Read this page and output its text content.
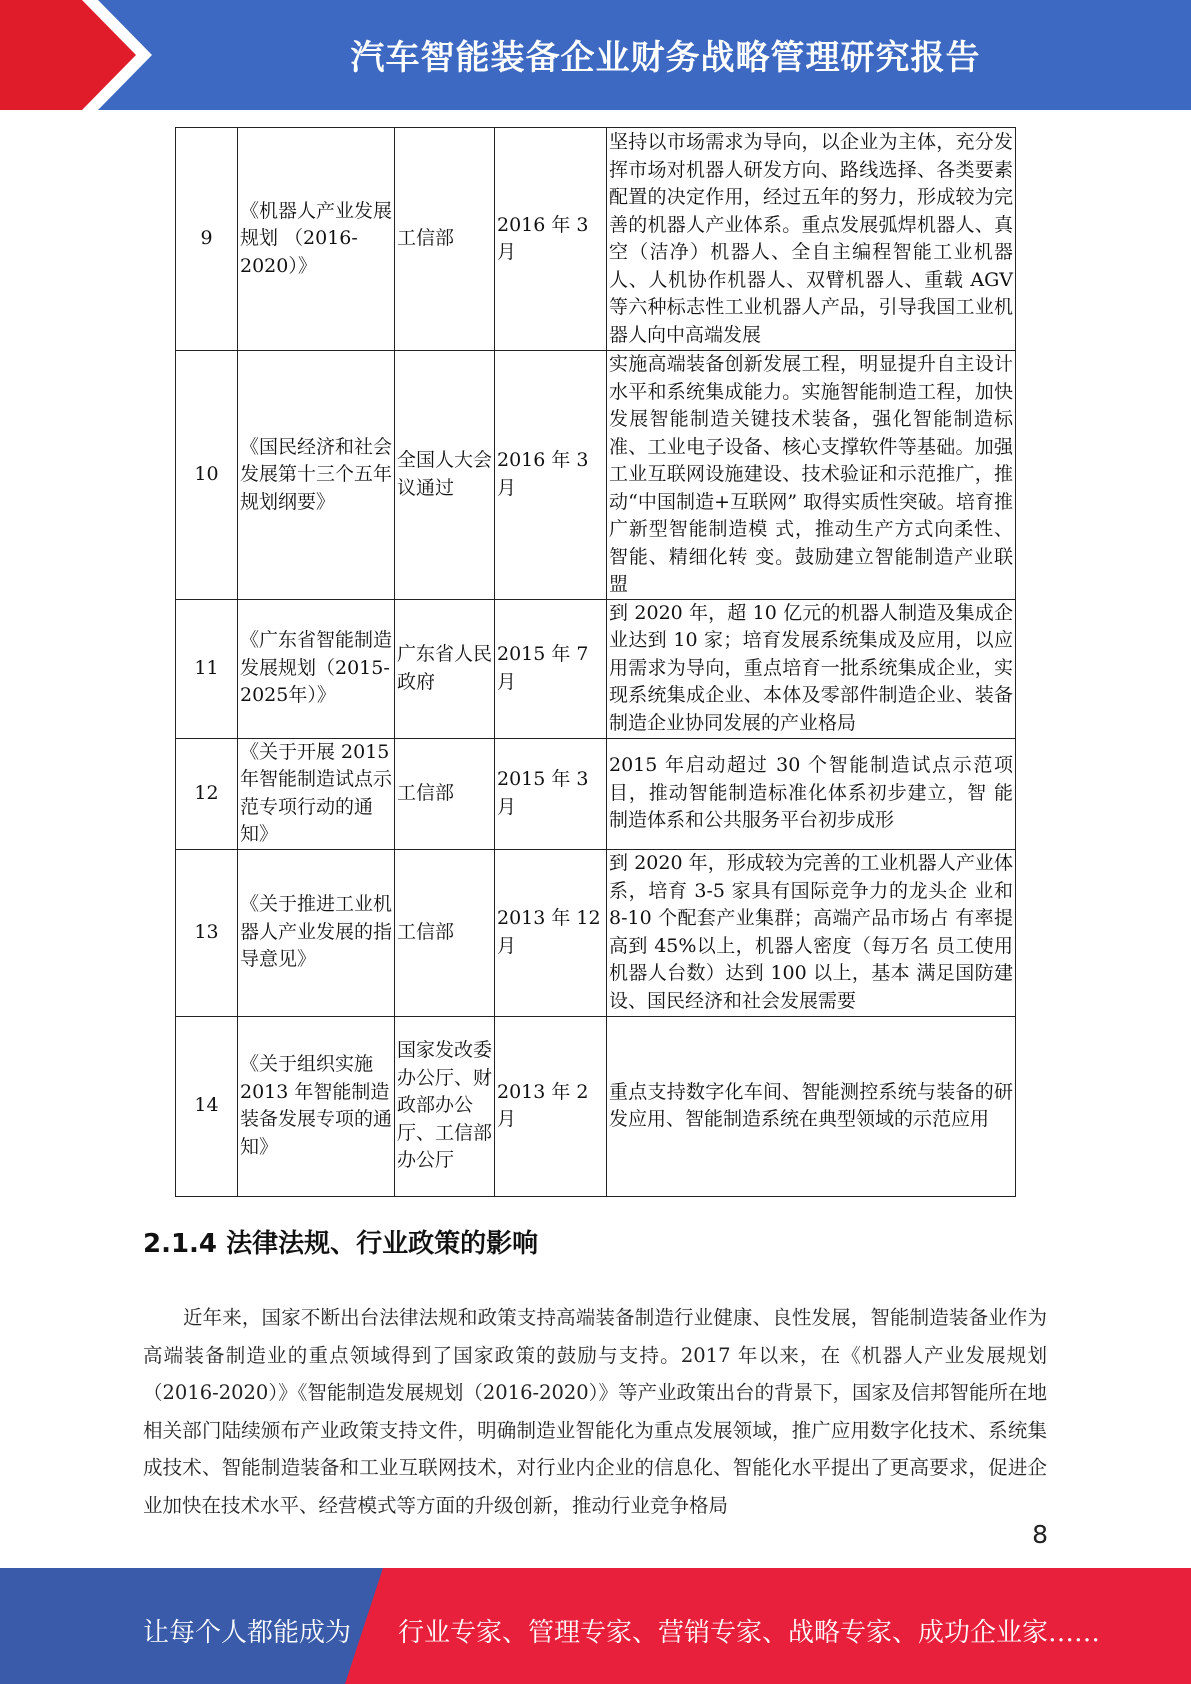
汽车智能装备企业财务战略管理研究报告
9	《机器人产业发展规划 （2016-2020）》	工信部	2016 年 3 月	坚持以市场需求为导向，以企业为主体，充分发挥市场对机器人研发方向、路线选择、各类要素配置的决定作用，经过五年的努力，形成较为完善的机器人产业体系。重点发展弧焊机器人、真空（洁净）机器人、全自主编程智能工业机器人、人机协作机器人、双臂机器人、重载 AGV 等六种标志性工业机器人产品，引导我国工业机器人向中高端发展

10	《国民经济和社会发展第十三个五年规划纲要》	全国人大会议通过	2016 年 3 月	实施高端装备创新发展工程，明显提升自主设计水平和系统集成能力。实施智能制造工程，加快发展智能制造关键技术装备，强化智能制造标准、工业电子设备、核心支撑软件等基础。加强工业互联网设施建设、技术验证和示范推广，推动“中国制造+互联网” 取得实质性突破。培育推广新型智能制造模 式，推动生产方式向柔性、智能、精细化转 变。鼓励建立智能制造产业联盟

11	《广东省智能制造发展规划（2015-2025年）》	广东省人民政府	2015 年 7 月	到 2020 年，超 10 亿元的机器人制造及集成企业达到 10 家；培育发展系统集成及应用，以应用需求为导向，重点培育一批系统集成企业，实现系统集成企业、本体及零部件制造企业、装备制造企业协同发展的产业格局

12	《关于开展 2015 年智能制造试点示范专项行动的通知》	工信部	2015 年 3 月	2015 年启动超过 30 个智能制造试点示范项 目，推动智能制造标准化体系初步建立，智 能制造体系和公共服务平台初步成形

13	《关于推进工业机器人产业发展的指导意见》	工信部	2013 年 12 月	到 2020 年，形成较为完善的工业机器人产业体系，培育 3-5 家具有国际竞争力的龙头企 业和 8-10 个配套产业集群；高端产品市场占 有率提高到 45%以上，机器人密度（每万名 员工使用机器人台数）达到 100 以上，基本 满足国防建设、国民经济和社会发展需要

14	《关于组织实施 2013 年智能制造装备发展专项的通知》	国家发改委办公厅、财政部办公厅、工信部办公厅	2013 年 2 月	重点支持数字化车间、智能测控系统与装备的研发应用、智能制造系统在典型领域的示范应用
2.1.4 法律法规、行业政策的影响
近年来，国家不断出台法律法规和政策支持高端装备制造行业健康、良性发展，智能制造装备业作为高端装备制造业的重点领域得到了国家政策的鼓励与支持。2017 年以来，在《机器人产业发展规划（2016-2020）》《智能制造发展规划（2016-2020）》等产业政策出台的背景下，国家及信邦智能所在地相关部门陆续颁布产业政策支持文件，明确制造业智能化为重点发展领域，推广应用数字化技术、系统集成技术、智能制造装备和工业互联网技术，对行业内企业的信息化、智能化水平提出了更高要求，促进企业加快在技术水平、经营模式等方面的升级创新，推动行业竞争格局
8
让每个人都能成为 行业专家、管理专家、营销专家、战略专家、成功企业家……
